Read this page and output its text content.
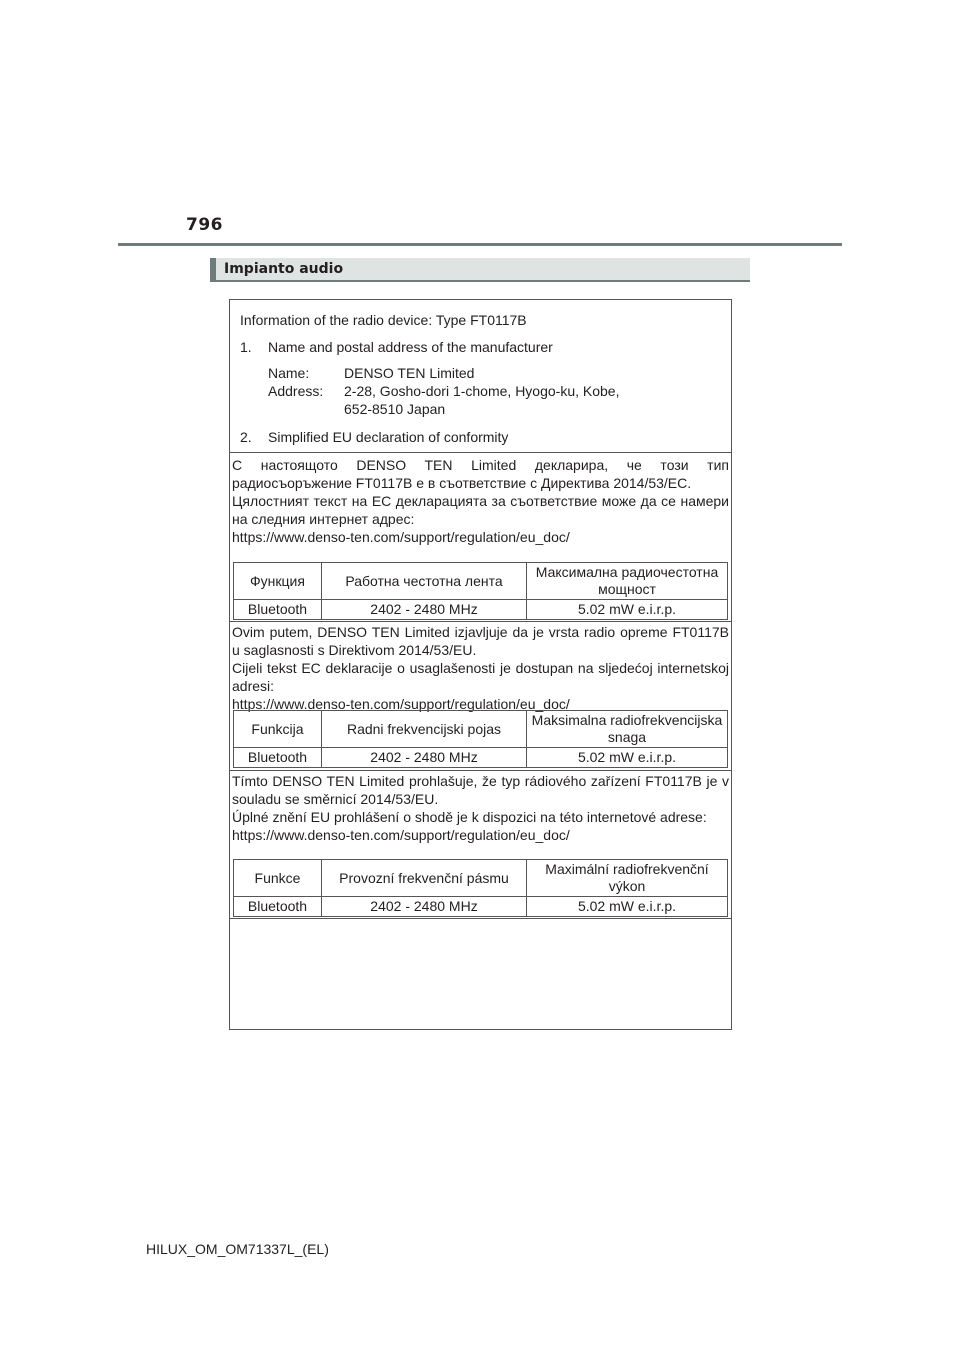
796
Impianto audio
Information of the radio device: Type FT0117B
1. Name and postal address of the manufacturer
2. Simplified EU declaration of conformity
Name:	DENSO TEN Limited
Address:	2-28, Gosho-dori 1-chome, Hyogo-ku, Kobe,
652-8510 Japan

С настоящото DENSO TEN Limited декларира, че този тип радиосъоръжение FT0117B е в съответствие с Директива 2014/53/ЕС.

Цялостният текст на ЕС декларацията за съответствие може да се намери на следния интернет адрес:

https://www.denso-ten.com/support/regulation/eu_doc/

Функция	Работна честотна лента	Максимална радиочестотна мощност
Bluetooth	2402 - 2480 MHz	5.02 mW e.i.r.p.

Ovim putem, DENSO TEN Limited izjavljuje da je vrsta radio opreme FT0117B u saglasnosti s Direktivom 2014/53/EU.

Cijeli tekst EC deklaracije o usaglašenosti je dostupan na sljedećoj internetskoj adresi:

https://www.denso-ten.com/support/regulation/eu_doc/

Funkcija	Radni frekvencijski pojas	Maksimalna radiofrekvencijska snaga
Bluetooth	2402 - 2480 MHz	5.02 mW e.i.r.p.

Tímto DENSO TEN Limited prohlašuje, že typ rádiového zařízení FT0117B je v souladu se směrnicí 2014/53/EU.

Úplné znění EU prohlášení o shodě je k dispozici na této internetové adrese:

https://www.denso-ten.com/support/regulation/eu_doc/

Funkce	Provozní frekvenční pásmu	Maximální radiofrekvenční výkon
Bluetooth	2402 - 2480 MHz	5.02 mW e.i.r.p.
HILUX_OM_OM71337L_(EL)
